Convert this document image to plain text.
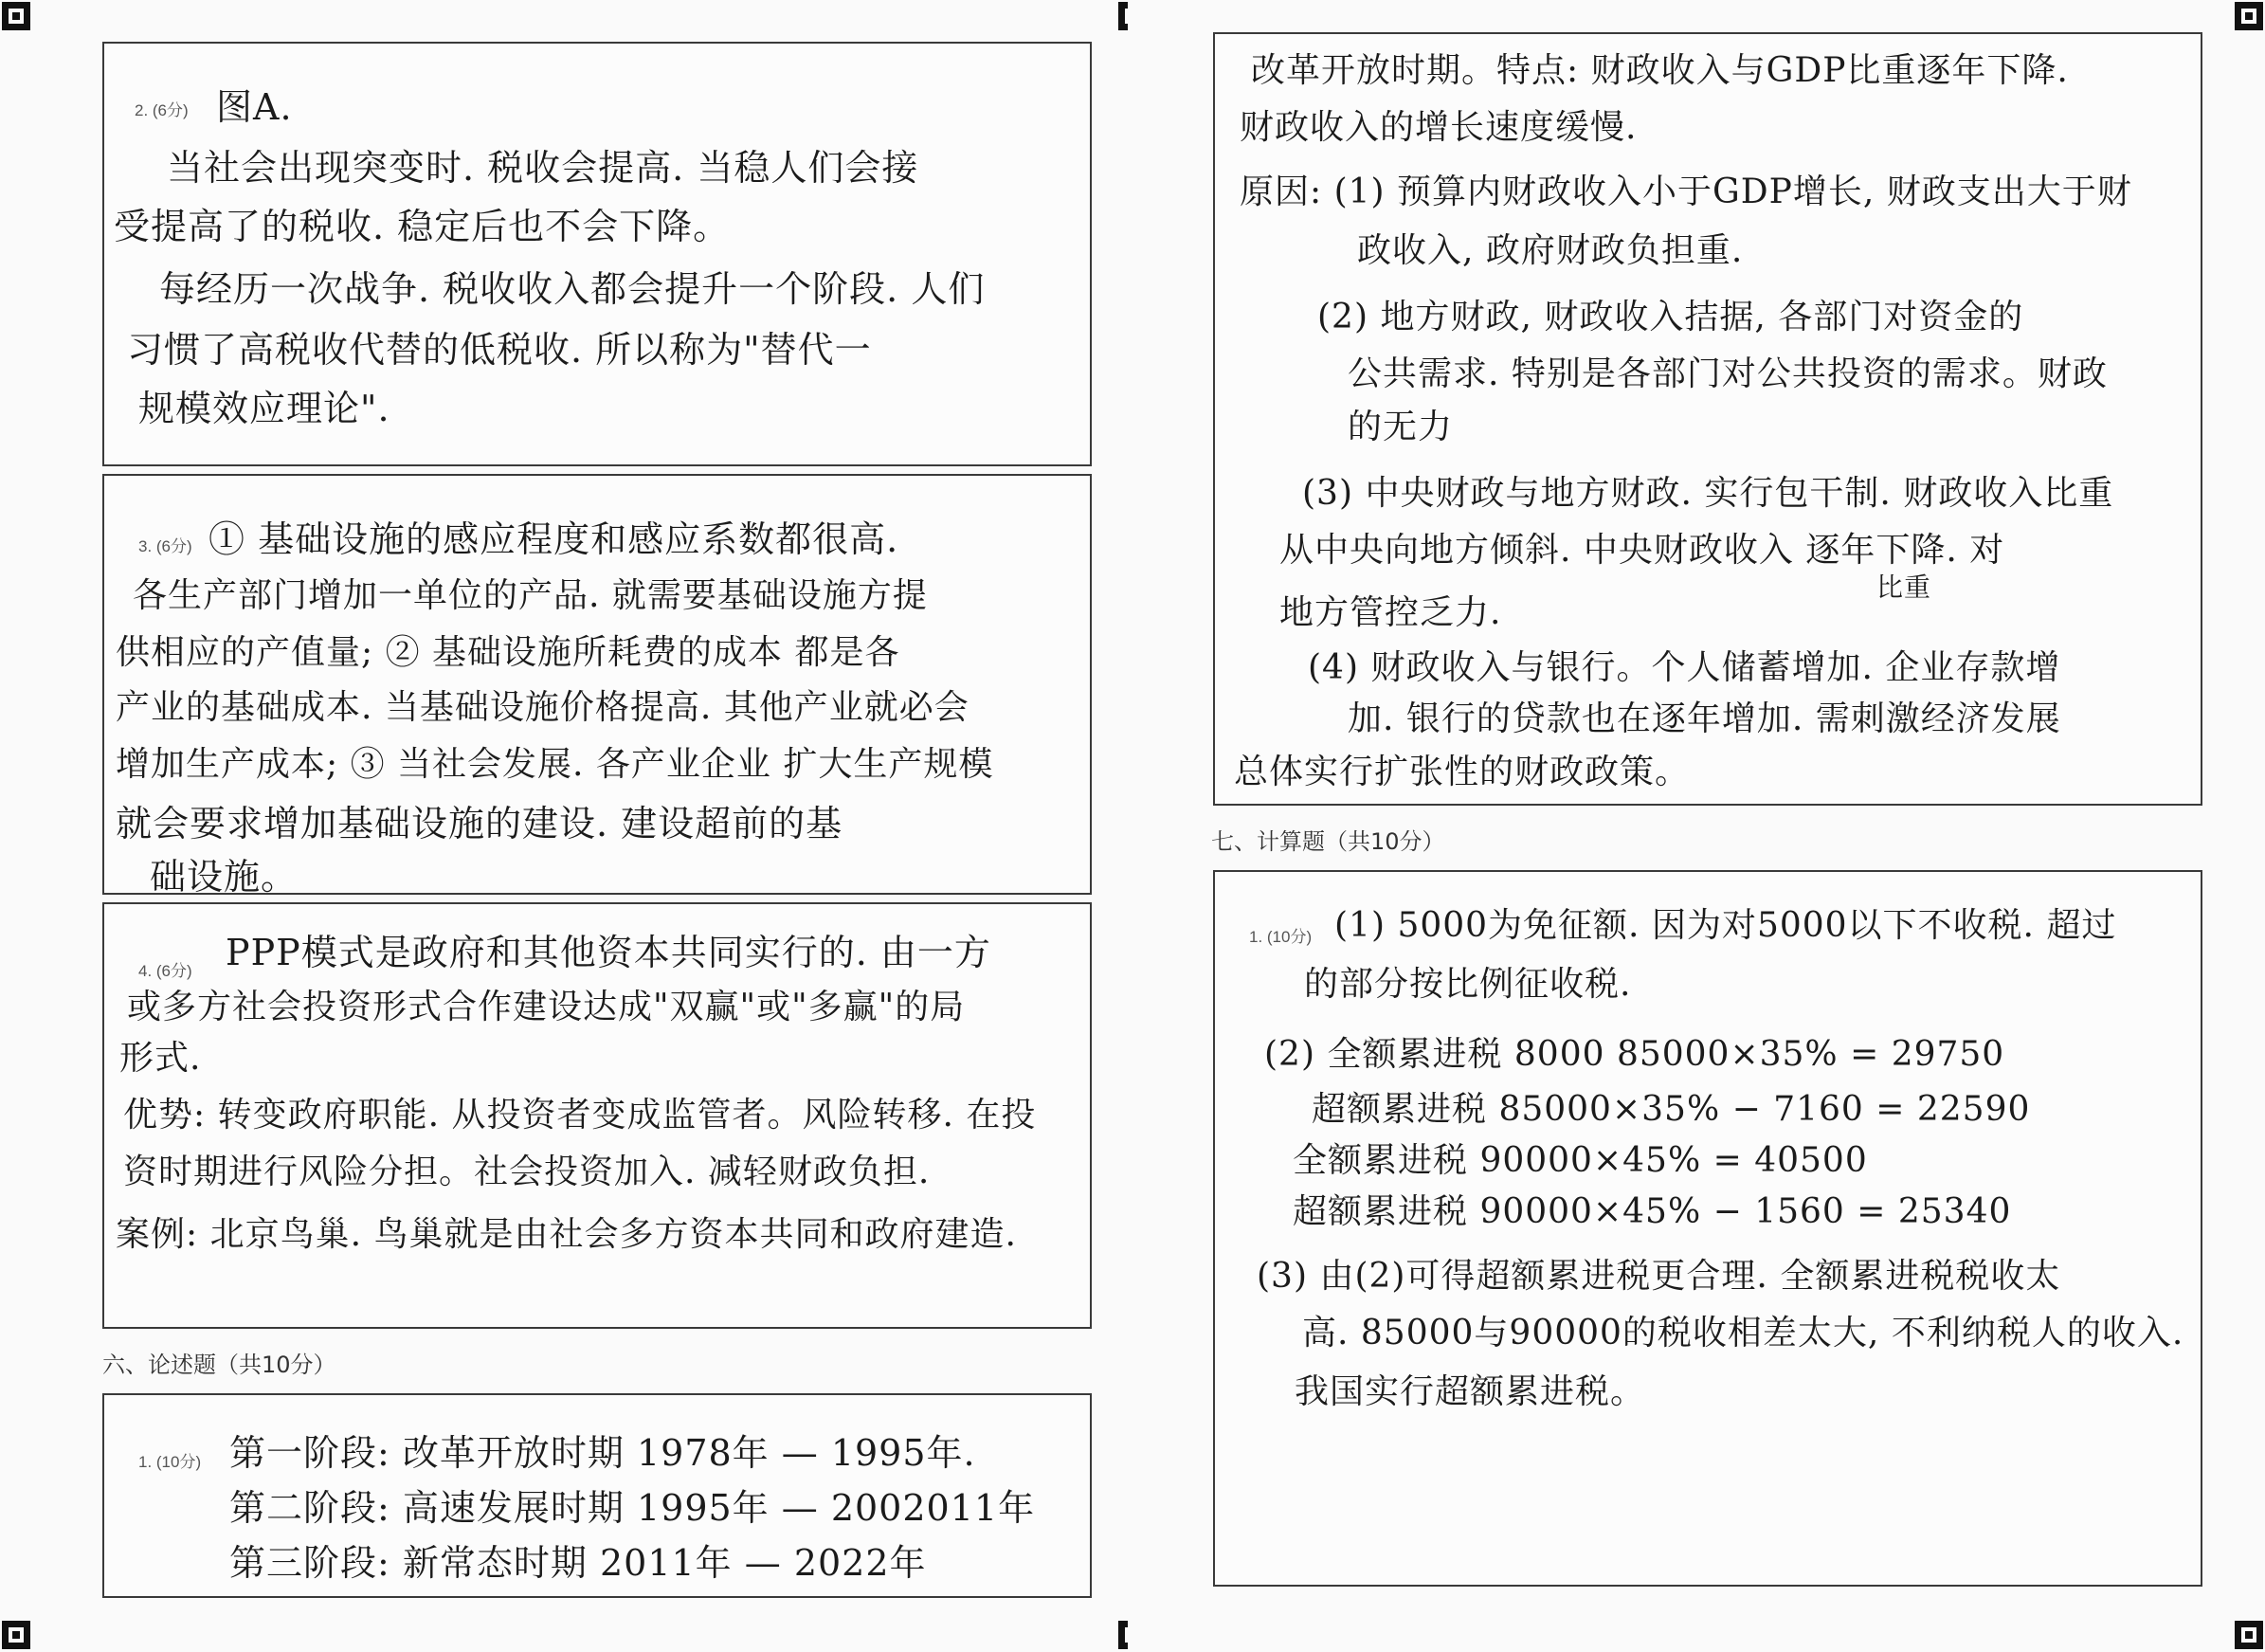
2. (6分) 图A.
当社会出现突变时. 税收会提高. 当稳人们会接
受提高了的税收. 稳定后也不会下降。
每经历一次战争. 税收收入都会提升一个阶段. 人们
习惯了高税收代替的低税收. 所以称为"替代一
规模效应理论".
3. (6分) ① 基础设施的感应程度和感应系数都很高.
各生产部门增加一单位的产品. 就需要基础设施方提
供相应的产值量; ② 基础设施所耗费的成本 都是各
产业的基础成本. 当基础设施价格提高. 其他产业就必会
增加生产成本; ③ 当社会发展. 各产业企业 扩大生产规模
就会要求增加基础设施的建设. 建设超前的基
础设施。
4. (6分) PPP模式是政府和其他资本共同实行的. 由一方
或多方社会投资形式合作建设达成"双赢"或"多赢"的局
形式.
优势: 转变政府职能. 从投资者变成监管者。风险转移. 在投
资时期进行风险分担。社会投资加入. 减轻财政负担.
案例: 北京鸟巢. 鸟巢就是由社会多方资本共同和政府建造.
六、论述题（共10分）
1. (10分) 第一阶段: 改革开放时期 1978年 — 1995年.
第二阶段: 高速发展时期 1995年 — 2002011年
第三阶段: 新常态时期 2011年 — 2022年
改革开放时期。特点: 财政收入与GDP比重逐年下降.
财政收入的增长速度缓慢.
原因: (1) 预算内财政收入小于GDP增长, 财政支出大于财
政收入, 政府财政负担重.
(2) 地方财政, 财政收入拮据, 各部门对资金的
公共需求. 特别是各部门对公共投资的需求。财政
的无力
(3) 中央财政与地方财政. 实行包干制. 财政收入比重
从中央向地方倾斜. 中央财政收入 逐年下降. 对
比重
地方管控乏力.
(4) 财政收入与银行。个人储蓄增加. 企业存款增
加. 银行的贷款也在逐年增加. 需刺激经济发展
总体实行扩张性的财政政策。
七、计算题（共10分）
1. (10分) (1) 5000为免征额. 因为对5000以下不收税. 超过
的部分按比例征收税.
(2) 全额累进税 8000 85000×35% = 29750
超额累进税 85000×35% − 7160 = 22590
全额累进税 90000×45% = 40500
超额累进税 90000×45% − 1560 = 25340
(3) 由(2)可得超额累进税更合理. 全额累进税税收太
高. 85000与90000的税收相差太大, 不利纳税人的收入.
我国实行超额累进税。
